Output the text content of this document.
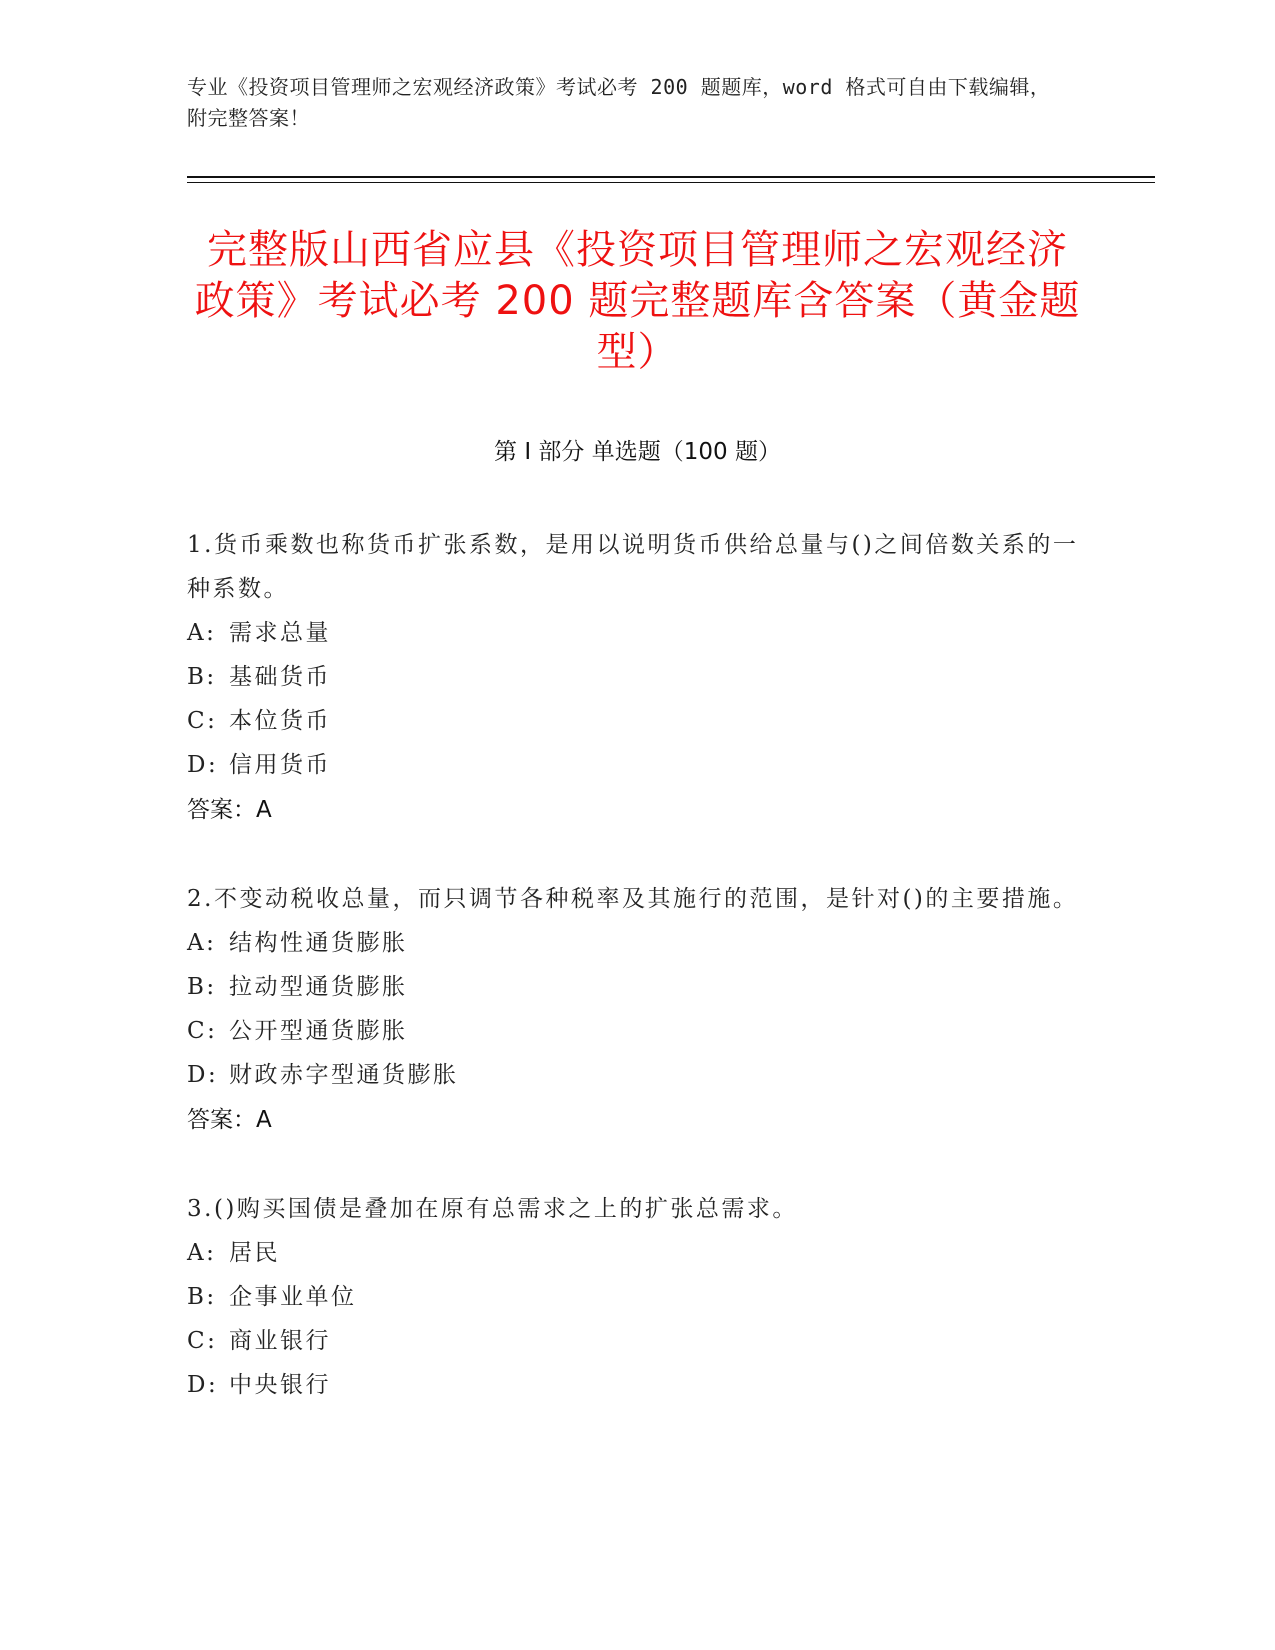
专业《投资项目管理师之宏观经济政策》考试必考 200 题题库，word 格式可自由下载编辑，附完整答案！
完整版山西省应县《投资项目管理师之宏观经济政策》考试必考 200 题完整题库含答案（黄金题型）
第 I 部分 单选题（100 题）

1.货币乘数也称货币扩张系数，是用以说明货币供给总量与()之间倍数关系的一种系数。

A: 需求总量
B: 基础货币
C: 本位货币
D: 信用货币
答案：A

2.不变动税收总量，而只调节各种税率及其施行的范围，是针对()的主要措施。

A: 结构性通货膨胀
B: 拉动型通货膨胀
C: 公开型通货膨胀
D: 财政赤字型通货膨胀
答案：A

3.()购买国债是叠加在原有总需求之上的扩张总需求。

A: 居民
B: 企事业单位
C: 商业银行
D: 中央银行
